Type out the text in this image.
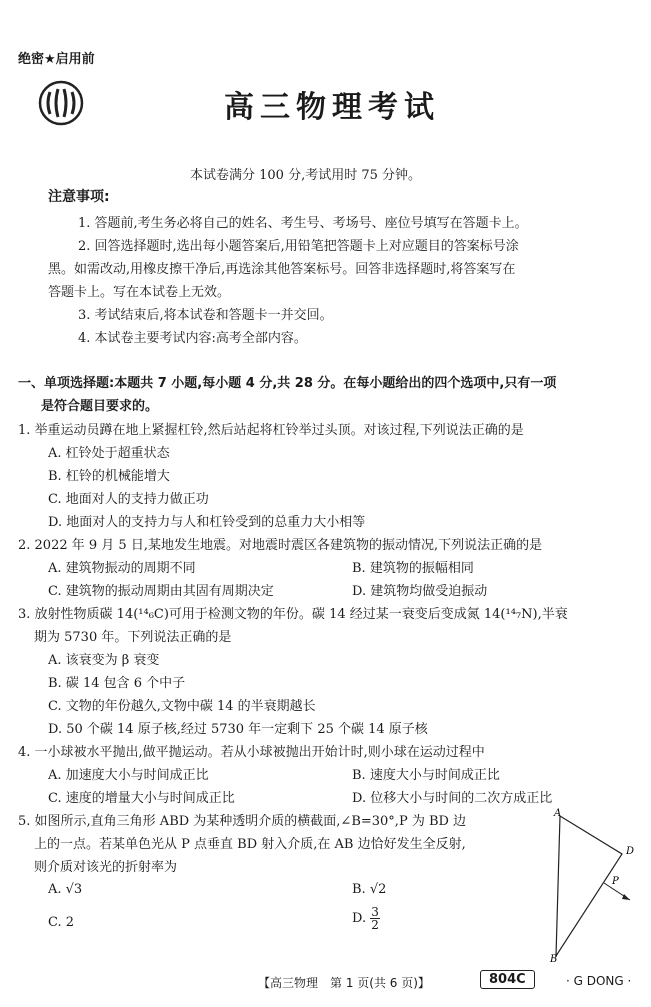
绝密★启用前
高三物理考试
本试卷满分 100 分,考试用时 75 分钟。
注意事项:
1. 答题前,考生务必将自己的姓名、考生号、考场号、座位号填写在答题卡上。
2. 回答选择题时,选出每小题答案后,用铅笔把答题卡上对应题目的答案标号涂
黑。如需改动,用橡皮擦干净后,再选涂其他答案标号。回答非选择题时,将答案写在
答题卡上。写在本试卷上无效。
3. 考试结束后,将本试卷和答题卡一并交回。
4. 本试卷主要考试内容:高考全部内容。
一、单项选择题:本题共 7 小题,每小题 4 分,共 28 分。在每小题给出的四个选项中,只有一项
是符合题目要求的。
1. 举重运动员蹲在地上紧握杠铃,然后站起将杠铃举过头顶。对该过程,下列说法正确的是
A. 杠铃处于超重状态
B. 杠铃的机械能增大
C. 地面对人的支持力做正功
D. 地面对人的支持力与人和杠铃受到的总重力大小相等
2. 2022 年 9 月 5 日,某地发生地震。对地震时震区各建筑物的振动情况,下列说法正确的是
A. 建筑物振动的周期不同	B. 建筑物的振幅相同
C. 建筑物的振动周期由其固有周期决定	D. 建筑物均做受迫振动
3. 放射性物质碳 14(¹⁴₆C)可用于检测文物的年份。碳 14 经过某一衰变后变成氮 14(¹⁴₇N),半衰
期为 5730 年。下列说法正确的是
A. 该衰变为 β 衰变
B. 碳 14 包含 6 个中子
C. 文物的年份越久,文物中碳 14 的半衰期越长
D. 50 个碳 14 原子核,经过 5730 年一定剩下 25 个碳 14 原子核
4. 一小球被水平抛出,做平抛运动。若从小球被抛出开始计时,则小球在运动过程中
A. 加速度大小与时间成正比	B. 速度大小与时间成正比
C. 速度的增量大小与时间成正比	D. 位移大小与时间的二次方成正比
5. 如图所示,直角三角形 ABD 为某种透明介质的横截面,∠B=30°,P 为 BD 边
上的一点。若某单色光从 P 点垂直 BD 射入介质,在 AB 边恰好发生全反射,
则介质对该光的折射率为
A. √3	B. √2
C. 2	D. $\frac{3}{2}$
A
D
B
P
【高三物理　第 1 页(共 6 页)】	804C	· G DONG ·
